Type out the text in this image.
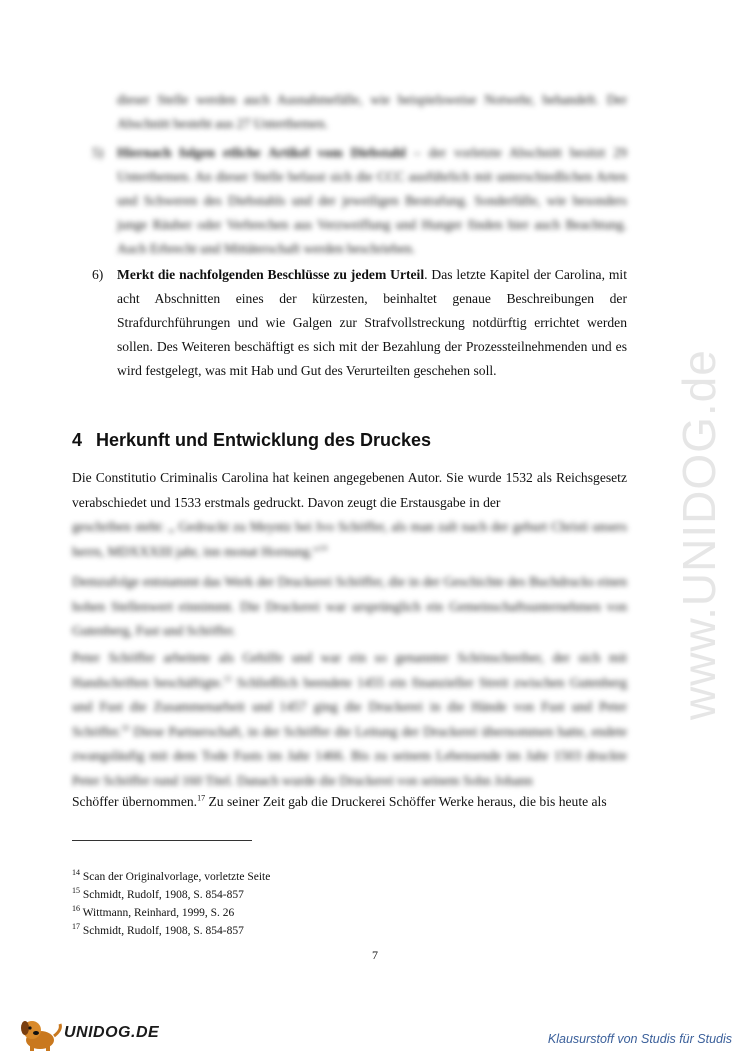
www.UNIDOG.de
dieser Stelle werden auch Ausnahmefälle, wie beispielsweise Notwehr, behandelt. Der Abschnitt besteht aus 27 Unterthemen.
5) Hiernach folgen etliche Artikel vom Diebstahl – der vorletzte Abschnitt besitzt 29 Unterthemen. An dieser Stelle befasst sich die CCC ausführlich mit unterschiedlichen Arten und Schweren des Diebstahls und der jeweiligen Bestrafung. Sonderfälle, wie besonders junge Räuber oder Verbrechen aus Verzweiflung und Hunger finden hier auch Beachtung. Auch Erbrecht und Mittäterschaft werden beschrieben.
6) Merkt die nachfolgenden Beschlüsse zu jedem Urteil. Das letzte Kapitel der Carolina, mit acht Abschnitten eines der kürzesten, beinhaltet genaue Beschreibungen der Strafdurchführungen und wie Galgen zur Strafvollstreckung notdürftig errichtet werden sollen. Des Weiteren beschäftigt es sich mit der Bezahlung der Prozessteilnehmenden und es wird festgelegt, was mit Hab und Gut des Verurteilten geschehen soll.
4 Herkunft und Entwicklung des Druckes
Die Constitutio Criminalis Carolina hat keinen angegebenen Autor. Sie wurde 1532 als Reichsgesetz verabschiedet und 1533 erstmals gedruckt. Davon zeugt die Erstausgabe in der
geschriben steht: „ Gedruckt zu Meyntz bei Ivo Schöffer, als man zalt nach der geburt Christi unsers herrn, MDXXXIII jahr, inn monat Hornung.“$^{14}$
Demzufolge entstammt das Werk der Druckerei Schöffer, die in der Geschichte des Buchdrucks einen hohen Stellenwert einnimmt. Die Druckerei war ursprünglich ein Gemeinschaftsunternehmen von Gutenberg, Fust und Schöffer.
Peter Schöffer arbeitete als Gehilfe und war ein so genannter Schönschreiber, der sich mit Handschriften beschäftigte.$^{15}$ Schließlich beendete 1455 ein finanzieller Streit zwischen Gutenberg und Fust die Zusammenarbeit und 1457 ging die Druckerei in die Hände von Fust und Peter Schöffer.$^{16}$ Diese Partnerschaft, in der Schöffer die Leitung der Druckerei übernommen hatte, endete zwangsläufig mit dem Tode Fusts im Jahr 1466. Bis zu seinem Lebensende im Jahr 1503 druckte Peter Schöffer rund 160 Titel. Danach wurde die Druckerei von seinem Sohn Johann
Schöffer übernommen.$^{17}$ Zu seiner Zeit gab die Druckerei Schöffer Werke heraus, die bis heute als
$^{14}$ Scan der Originalvorlage, vorletzte Seite
$^{15}$ Schmidt, Rudolf, 1908, S. 854-857
$^{16}$ Wittmann, Reinhard, 1999, S. 26
$^{17}$ Schmidt, Rudolf, 1908, S. 854-857
7
UNIDOG.DE	Klausurstoff von Studis für Studis
